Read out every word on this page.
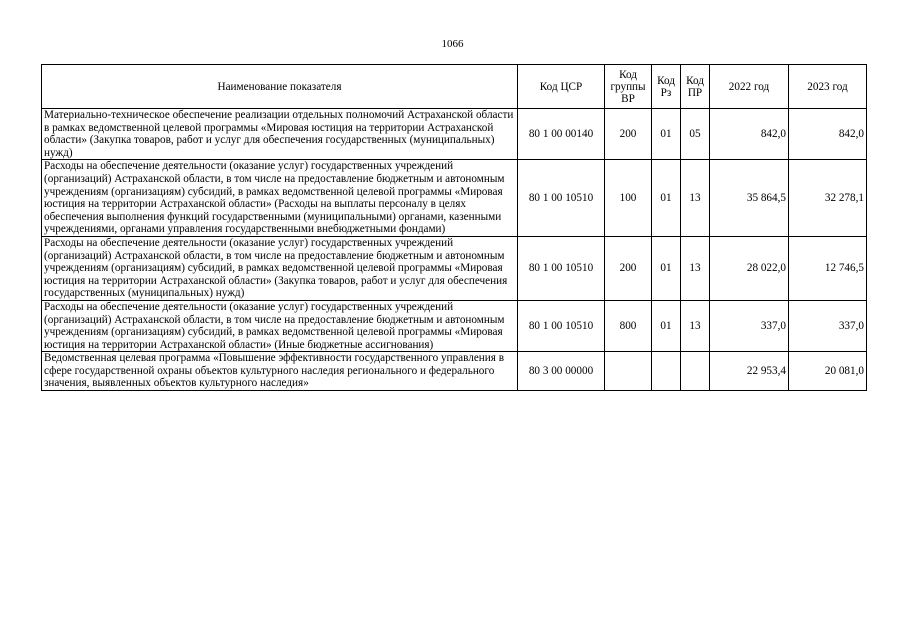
1066
Наименование показателя	Код ЦСР	Код группы ВР	Код Рз	Код ПР	2022 год	2023 год
Материально-техническое обеспечение реализации отдельных полномочий Астраханской области в рамках ведомственной целевой программы «Мировая юстиция на территории Астраханской области» (Закупка товаров, работ и услуг для обеспечения государственных (муниципальных) нужд)	80 1 00 00140	200	01	05	842,0	842,0
Расходы на обеспечение деятельности (оказание услуг) государственных учреждений (организаций) Астраханской области, в том числе на предоставление бюджетным и автономным учреждениям (организациям) субсидий, в рамках ведомственной целевой программы «Мировая юстиция на территории Астраханской области» (Расходы на выплаты персоналу в целях обеспечения выполнения функций государственными (муниципальными) органами, казенными учреждениями, органами управления государственными внебюджетными фондами)	80 1 00 10510	100	01	13	35 864,5	32 278,1
Расходы на обеспечение деятельности (оказание услуг) государственных учреждений (организаций) Астраханской области, в том числе на предоставление бюджетным и автономным учреждениям (организациям) субсидий, в рамках ведомственной целевой программы «Мировая юстиция на территории Астраханской области» (Закупка товаров, работ и услуг для обеспечения государственных (муниципальных) нужд)	80 1 00 10510	200	01	13	28 022,0	12 746,5
Расходы на обеспечение деятельности (оказание услуг) государственных учреждений (организаций) Астраханской области, в том числе на предоставление бюджетным и автономным учреждениям (организациям) субсидий, в рамках ведомственной целевой программы «Мировая юстиция на территории Астраханской области» (Иные бюджетные ассигнования)	80 1 00 10510	800	01	13	337,0	337,0
Ведомственная целевая программа «Повышение эффективности государственного управления в сфере государственной охраны объектов культурного наследия регионального и федерального значения, выявленных объектов культурного наследия»	80 3 00 00000				22 953,4	20 081,0
